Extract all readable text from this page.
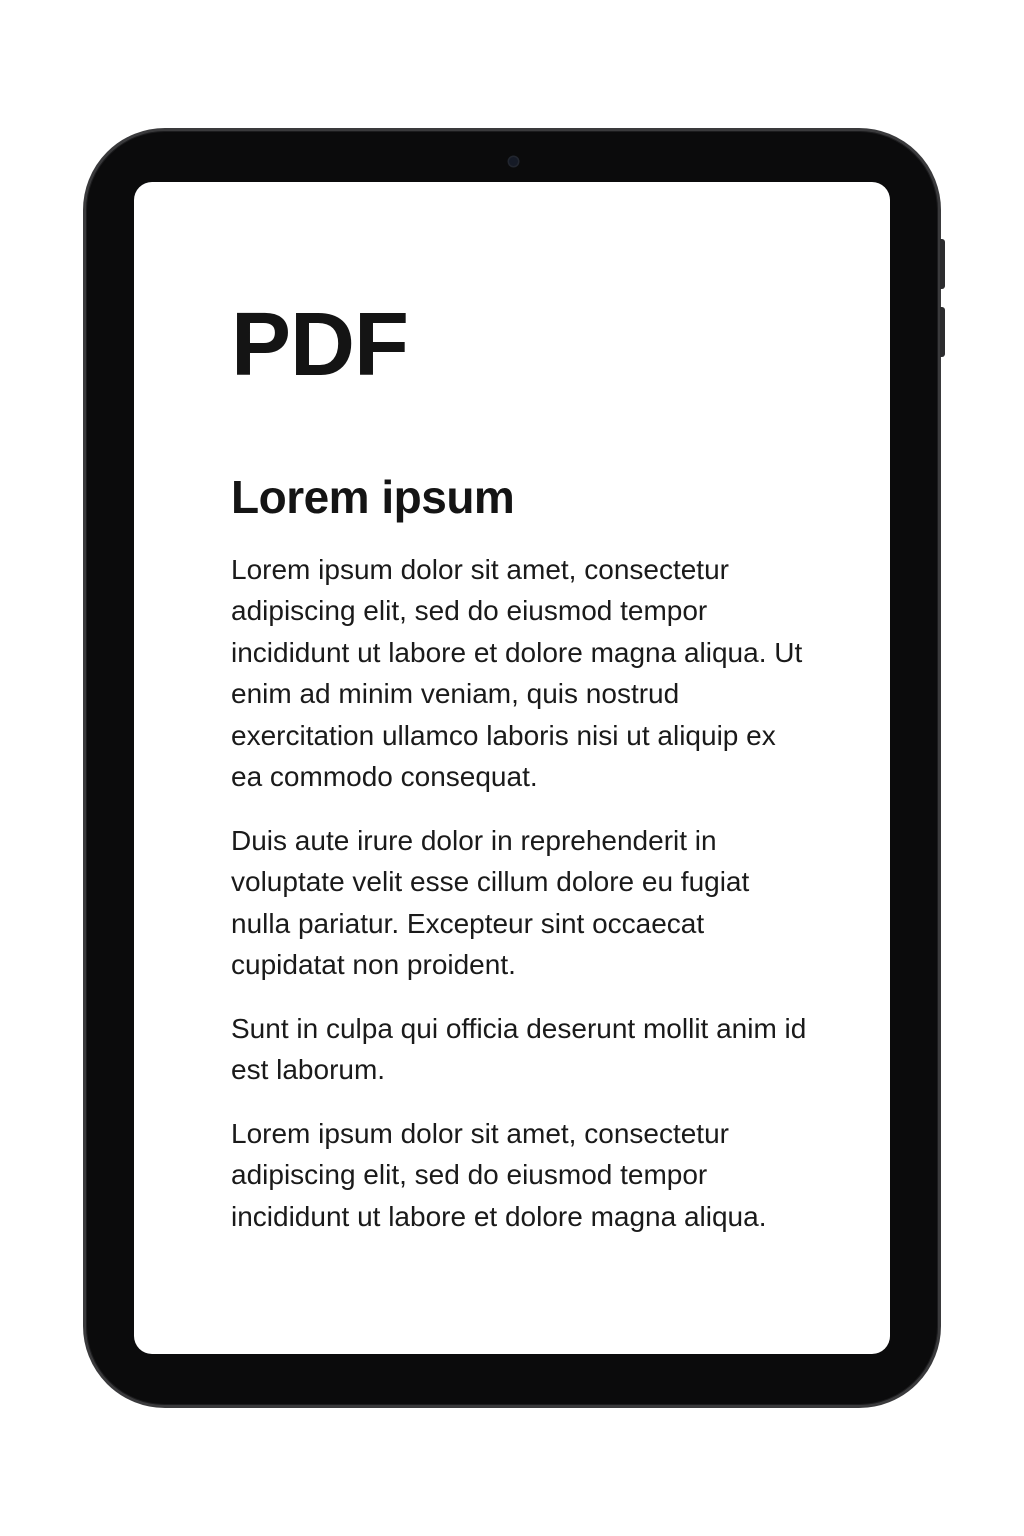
PDF
Lorem ipsum

Lorem ipsum dolor sit amet, consectetur adipiscing elit, sed do eiusmod tempor incididunt ut labore et dolore magna aliqua. Ut enim ad minim veniam, quis nostrud exercitation ullamco laboris nisi ut aliquip ex ea commodo consequat.

Duis aute irure dolor in reprehenderit in voluptate velit esse cillum dolore eu fugiat nulla pariatur. Excepteur sint occaecat cupidatat non proident.

Sunt in culpa qui officia deserunt mollit anim id est laborum.

Lorem ipsum dolor sit amet, consectetur adipiscing elit, sed do eiusmod tempor incididunt ut labore et dolore magna aliqua.
